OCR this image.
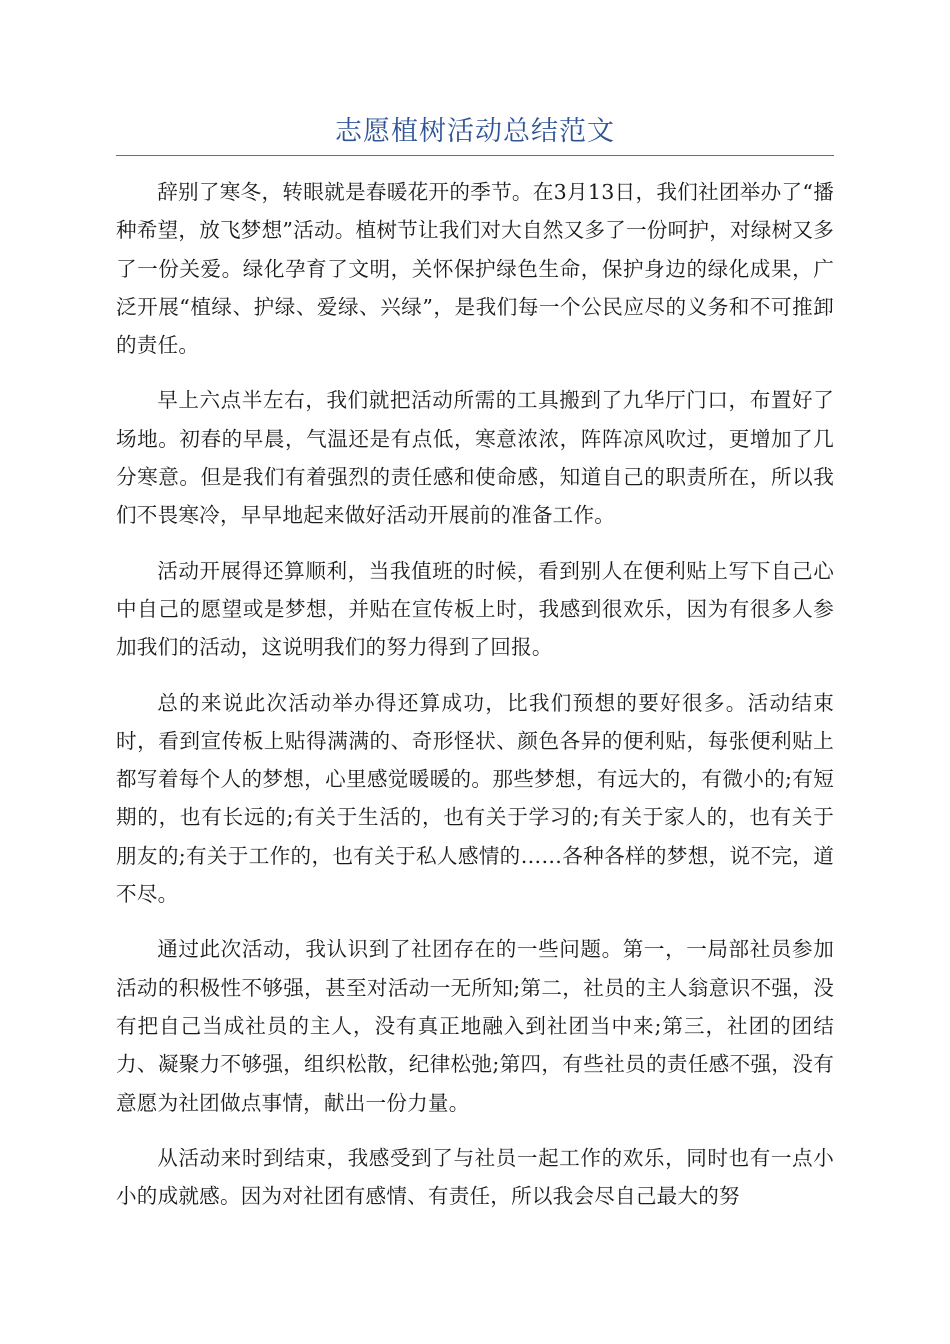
志愿植树活动总结范文

辞别了寒冬，转眼就是春暖花开的季节。在3月13日，我们社团举办了“播种希望，放飞梦想”活动。植树节让我们对大自然又多了一份呵护，对绿树又多了一份关爱。绿化孕育了文明，关怀保护绿色生命，保护身边的绿化成果，广泛开展“植绿、护绿、爱绿、兴绿”，是我们每一个公民应尽的义务和不可推卸的责任。

早上六点半左右，我们就把活动所需的工具搬到了九华厅门口，布置好了场地。初春的早晨，气温还是有点低，寒意浓浓，阵阵凉风吹过，更增加了几分寒意。但是我们有着强烈的责任感和使命感，知道自己的职责所在，所以我们不畏寒冷，早早地起来做好活动开展前的准备工作。

活动开展得还算顺利，当我值班的时候，看到别人在便利贴上写下自己心中自己的愿望或是梦想，并贴在宣传板上时，我感到很欢乐，因为有很多人参加我们的活动，这说明我们的努力得到了回报。

总的来说此次活动举办得还算成功，比我们预想的要好很多。活动结束时，看到宣传板上贴得满满的、奇形怪状、颜色各异的便利贴，每张便利贴上都写着每个人的梦想，心里感觉暖暖的。那些梦想，有远大的，有微小的;有短期的，也有长远的;有关于生活的，也有关于学习的;有关于家人的，也有关于朋友的;有关于工作的，也有关于私人感情的……各种各样的梦想，说不完，道不尽。

通过此次活动，我认识到了社团存在的一些问题。第一，一局部社员参加活动的积极性不够强，甚至对活动一无所知;第二，社员的主人翁意识不强，没有把自己当成社员的主人，没有真正地融入到社团当中来;第三，社团的团结力、凝聚力不够强，组织松散，纪律松弛;第四，有些社员的责任感不强，没有意愿为社团做点事情，献出一份力量。

从活动来时到结束，我感受到了与社员一起工作的欢乐，同时也有一点小小的成就感。因为对社团有感情、有责任，所以我会尽自己最大的努
